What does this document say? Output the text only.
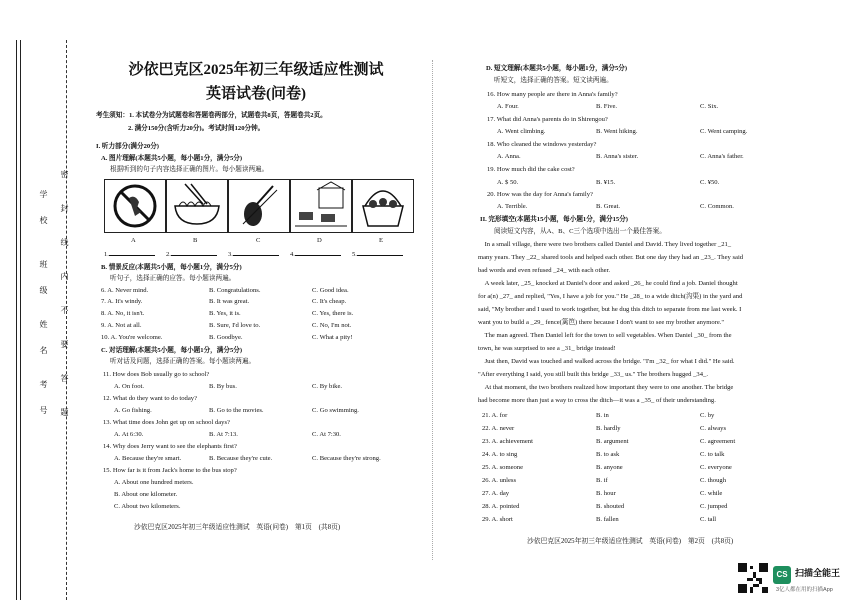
学校
班级
姓名
考号
密封线内不要答题
沙依巴克区2025年初三年级适应性测试
英语试卷(问卷)
考生须知：1. 本试卷分为试题卷和答题卷两部分，试题卷共8页，答题卷共2页。
2. 满分150分(含听力20分)。考试时间120分钟。
I. 听力部分(满分20分)
A. 图片理解(本题共5小题，每小题1分，满分5分)
根据听到的句子内容选择正确的图片。每小题读两遍。
A	B	C	D	E
1.	2.	3.	4.	5.
B. 情景反应(本题共5小题，每小题1分，满分5分)
听句子，选择正确的应答。每小题读两遍。
6. A. Never mind.	B. Congratulations.	C. Good idea.
7. A. It's windy.	B. It was great.	C. It's cheap.
8. A. No, it isn't.	B. Yes, it is.	C. Yes, there is.
9. A. Not at all.	B. Sure, I'd love to.	C. No, I'm not.
10. A. You're welcome.	B. Goodbye.	C. What a pity!
C. 对话理解(本题共5小题，每小题1分，满分5分)
听对话及问题，选择正确的答案。每小题读两遍。
11. How does Bob usually go to school?
A. On foot.	B. By bus.	C. By bike.
12. What do they want to do today?
A. Go fishing.	B. Go to the movies.	C. Go swimming.
13. What time does John get up on school days?
A. At 6:30.	B. At 7:13.	C. At 7:30.
14. Why does Jerry want to see the elephants first?
A. Because they're smart.	B. Because they're cute.	C. Because they're strong.
15. How far is it from Jack's home to the bus stop?
A. About one hundred meters.
B. About one kilometer.
C. About two kilometers.
沙依巴克区2025年初三年级适应性测试　英语(问卷)　第1页　(共8页)
D. 短文理解(本题共5小题，每小题1分，满分5分)
听短文，选择正确的答案。短文读两遍。
16. How many people are there in Anna's family?
A. Four.	B. Five.	C. Six.
17. What did Anna's parents do in Shirengou?
A. Went climbing.	B. Went hiking.	C. Went camping.
18. Who cleaned the windows yesterday?
A. Anna.	B. Anna's sister.	C. Anna's father.
19. How much did the cake cost?
A. $ 50.	B. ¥15.	C. ¥50.
20. How was the day for Anna's family?
A. Terrible.	B. Great.	C. Common.
II. 完形填空(本题共15小题，每小题1分，满分15分)
阅读短文内容，从A、B、C三个选项中选出一个最佳答案。
　In a small village, there were two brothers called Daniel and David. They lived together _21_
many years. They _22_ shared tools and helped each other. But one day they had an _23_. They said
bad words and even refused _24_ with each other.
　A week later, _25_ knocked at Daniel's door and asked _26_ he could find a job. Daniel thought
for a(n) _27_ and replied, "Yes, I have a job for you." He _28_ to a wide ditch(沟渠) in the yard and
said, "My brother and I used to work together, but he dug this ditch to separate from me last week. I
want you to build a _29_ fence(篱笆) there because I don't want to see my brother anymore."
　The man agreed. Then Daniel left for the town to sell vegetables. When Daniel _30_ from the
town, he was surprised to see a _31_ bridge instead!
　Just then, David was touched and walked across the bridge. "I'm _32_ for what I did." He said.
"After everything I said, you still built this bridge _33_ us." The brothers hugged _34_.
　At that moment, the two brothers realized how important they were to one another. The bridge
had become more than just a way to cross the ditch—it was a _35_ of their understanding.
21. A. for	B. in	C. by
22. A. never	B. hardly	C. always
23. A. achievement	B. argument	C. agreement
24. A. to sing	B. to ask	C. to talk
25. A. someone	B. anyone	C. everyone
26. A. unless	B. if	C. though
27. A. day	B. hour	C. while
28. A. pointed	B. shouted	C. jumped
29. A. short	B. fallen	C. tall
沙依巴克区2025年初三年级适应性测试　英语(问卷)　第2页　(共8页)
CS 扫描全能王
3亿人都在用的扫描App
